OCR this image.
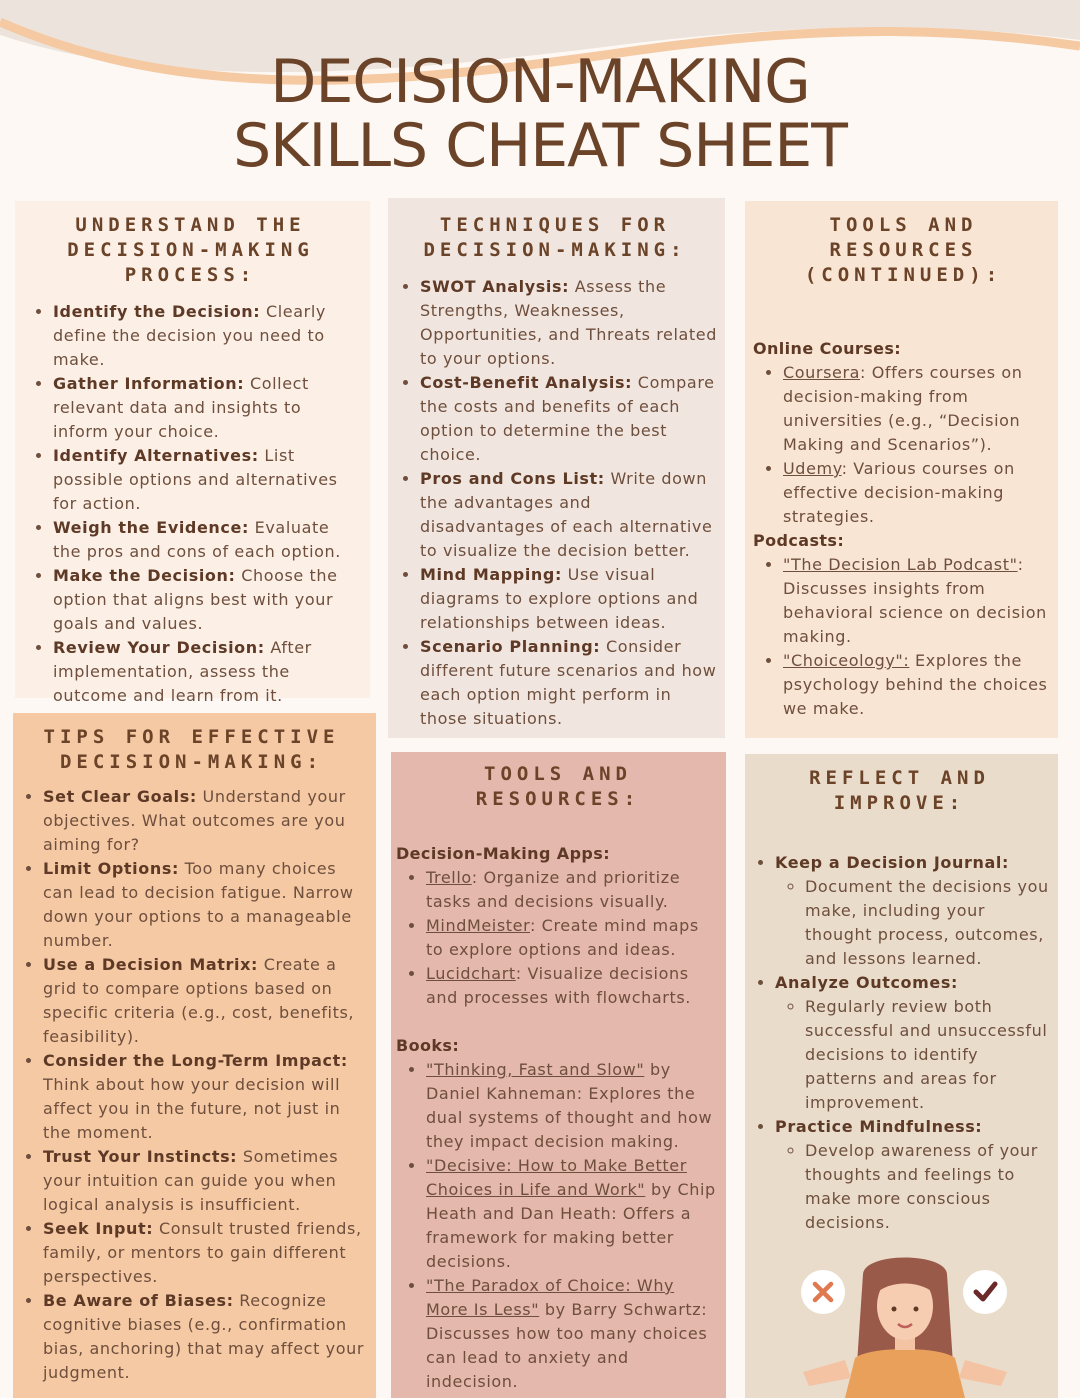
DECISION-MAKING
SKILLS CHEAT SHEET
UNDERSTAND THE
DECISION-MAKING
PROCESS:
• Identify the Decision: Clearly define the decision you need to make.
• Gather Information: Collect relevant data and insights to inform your choice.
• Identify Alternatives: List possible options and alternatives for action.
• Weigh the Evidence: Evaluate the pros and cons of each option.
• Make the Decision: Choose the option that aligns best with your goals and values.
• Review Your Decision: After implementation, assess the outcome and learn from it.
TECHNIQUES FOR
DECISION-MAKING:
• SWOT Analysis: Assess the Strengths, Weaknesses, Opportunities, and Threats related to your options.
• Cost-Benefit Analysis: Compare the costs and benefits of each option to determine the best choice.
• Pros and Cons List: Write down the advantages and disadvantages of each alternative to visualize the decision better.
• Mind Mapping: Use visual diagrams to explore options and relationships between ideas.
• Scenario Planning: Consider different future scenarios and how each option might perform in those situations.
TOOLS AND
RESOURCES
(CONTINUED):
Online Courses:
• Coursera: Offers courses on decision-making from universities (e.g., “Decision Making and Scenarios”).
• Udemy: Various courses on effective decision-making strategies.
Podcasts:
• "The Decision Lab Podcast": Discusses insights from behavioral science on decision making.
• "Choiceology": Explores the psychology behind the choices we make.
TIPS FOR EFFECTIVE
DECISION-MAKING:
• Set Clear Goals: Understand your objectives. What outcomes are you aiming for?
• Limit Options: Too many choices can lead to decision fatigue. Narrow down your options to a manageable number.
• Use a Decision Matrix: Create a grid to compare options based on specific criteria (e.g., cost, benefits, feasibility).
• Consider the Long-Term Impact: Think about how your decision will affect you in the future, not just in the moment.
• Trust Your Instincts: Sometimes your intuition can guide you when logical analysis is insufficient.
• Seek Input: Consult trusted friends, family, or mentors to gain different perspectives.
• Be Aware of Biases: Recognize cognitive biases (e.g., confirmation bias, anchoring) that may affect your judgment.
TOOLS AND
RESOURCES:
Decision-Making Apps:
• Trello: Organize and prioritize tasks and decisions visually.
• MindMeister: Create mind maps to explore options and ideas.
• Lucidchart: Visualize decisions and processes with flowcharts.
Books:
• "Thinking, Fast and Slow" by Daniel Kahneman: Explores the dual systems of thought and how they impact decision making.
• "Decisive: How to Make Better Choices in Life and Work" by Chip Heath and Dan Heath: Offers a framework for making better decisions.
• "The Paradox of Choice: Why More Is Less" by Barry Schwartz: Discusses how too many choices can lead to anxiety and indecision.
REFLECT AND
IMPROVE:
• Keep a Decision Journal:
◦ Document the decisions you make, including your thought process, outcomes, and lessons learned.
• Analyze Outcomes:
◦ Regularly review both successful and unsuccessful decisions to identify patterns and areas for improvement.
• Practice Mindfulness:
◦ Develop awareness of your thoughts and feelings to make more conscious decisions.
